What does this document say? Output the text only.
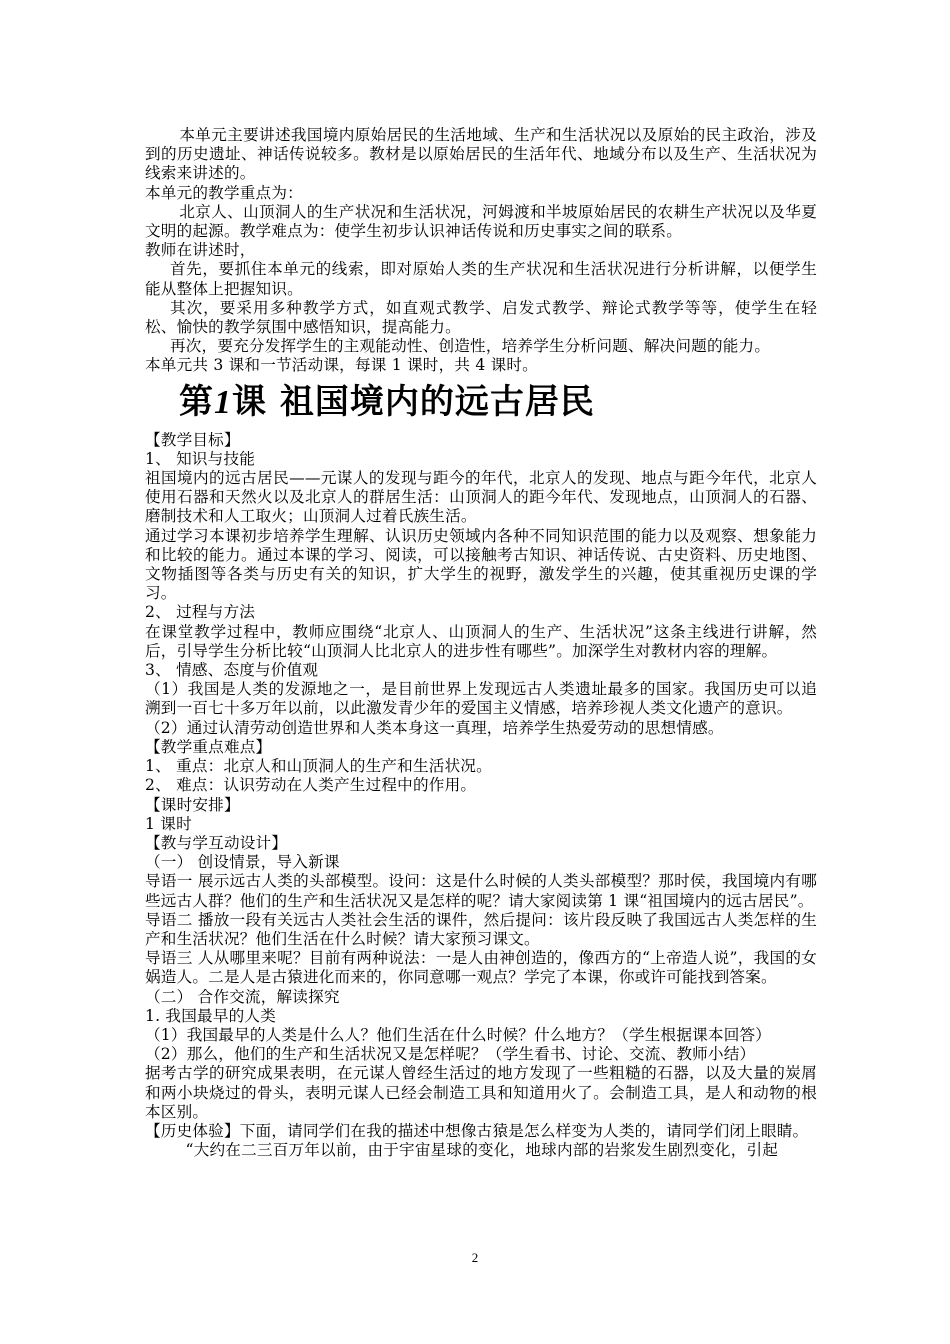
本单元主要讲述我国境内原始居民的生活地域、生产和生活状况以及原始的民主政治，涉及到的历史遗址、神话传说较多。教材是以原始居民的生活年代、地域分布以及生产、生活状况为线索来讲述的。

本单元的教学重点为：

北京人、山顶洞人的生产状况和生活状况，河姆渡和半坡原始居民的农耕生产状况以及华夏文明的起源。教学难点为：使学生初步认识神话传说和历史事实之间的联系。

教师在讲述时，

首先，要抓住本单元的线索，即对原始人类的生产状况和生活状况进行分析讲解，以便学生能从整体上把握知识。

其次，要采用多种教学方式，如直观式教学、启发式教学、辩论式教学等等，使学生在轻松、愉快的教学氛围中感悟知识，提高能力。

再次，要充分发挥学生的主观能动性、创造性，培养学生分析问题、解决问题的能力。

本单元共 3 课和一节活动课，每课 1 课时，共 4 课时。

第1课 祖国境内的远古居民

【教学目标】

1、 知识与技能

祖国境内的远古居民——元谋人的发现与距今的年代，北京人的发现、地点与距今年代，北京人使用石器和天然火以及北京人的群居生活：山顶洞人的距今年代、发现地点，山顶洞人的石器、磨制技术和人工取火；山顶洞人过着氏族生活。

通过学习本课初步培养学生理解、认识历史领域内各种不同知识范围的能力以及观察、想象能力和比较的能力。通过本课的学习、阅读，可以接触考古知识、神话传说、古史资料、历史地图、文物插图等各类与历史有关的知识，扩大学生的视野，激发学生的兴趣，使其重视历史课的学习。

2、 过程与方法

在课堂教学过程中，教师应围绕“北京人、山顶洞人的生产、生活状况”这条主线进行讲解，然后，引导学生分析比较“山顶洞人比北京人的进步性有哪些”。加深学生对教材内容的理解。

3、 情感、态度与价值观

（1）我国是人类的发源地之一，是目前世界上发现远古人类遗址最多的国家。我国历史可以追溯到一百七十多万年以前，以此激发青少年的爱国主义情感，培养珍视人类文化遗产的意识。

（2）通过认清劳动创造世界和人类本身这一真理，培养学生热爱劳动的思想情感。

【教学重点难点】

1、 重点：北京人和山顶洞人的生产和生活状况。

2、 难点：认识劳动在人类产生过程中的作用。

【课时安排】

1 课时

【教与学互动设计】

（一） 创设情景，导入新课

导语一 展示远古人类的头部模型。设问：这是什么时候的人类头部模型？那时侯，我国境内有哪些远古人群？他们的生产和生活状况又是怎样的呢？请大家阅读第 1 课“祖国境内的远古居民”。

导语二 播放一段有关远古人类社会生活的课件，然后提问：该片段反映了我国远古人类怎样的生产和生活状况？他们生活在什么时候？请大家预习课文。

导语三 人从哪里来呢？目前有两种说法：一是人由神创造的，像西方的“上帝造人说”，我国的女娲造人。二是人是古猿进化而来的，你同意哪一观点？学完了本课，你或许可能找到答案。

（二） 合作交流，解读探究

1. 我国最早的人类

（1）我国最早的人类是什么人？他们生活在什么时候？什么地方？（学生根据课本回答）

（2）那么，他们的生产和生活状况又是怎样呢？（学生看书、讨论、交流、教师小结）

据考古学的研究成果表明，在元谋人曾经生活过的地方发现了一些粗糙的石器，以及大量的炭屑和两小块烧过的骨头，表明元谋人已经会制造工具和知道用火了。会制造工具，是人和动物的根本区别。

【历史体验】下面，请同学们在我的描述中想像古猿是怎么样变为人类的，请同学们闭上眼睛。

“大约在二三百万年以前，由于宇宙星球的变化，地球内部的岩浆发生剧烈变化，引起

2
